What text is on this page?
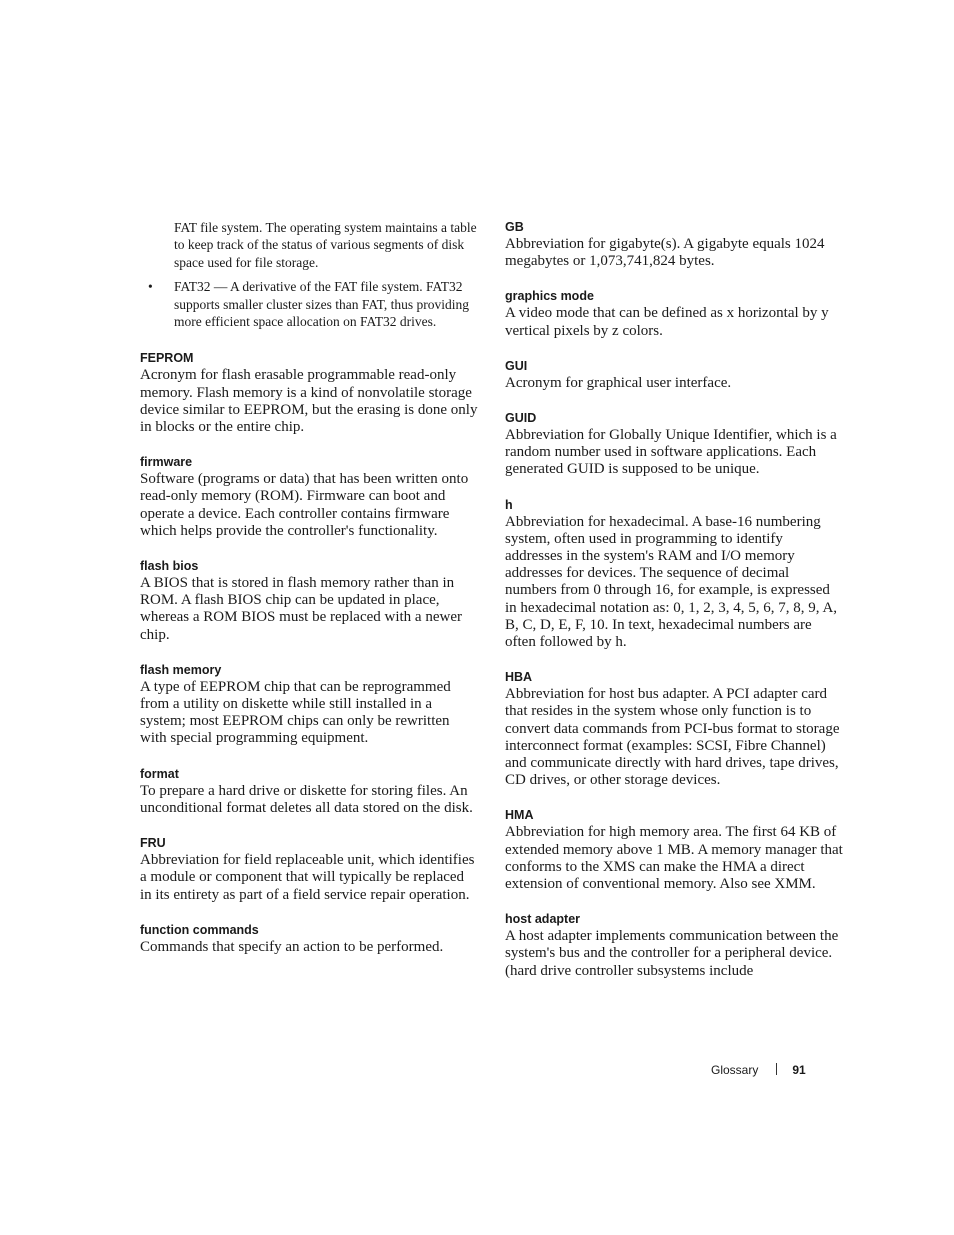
FAT file system. The operating system maintains a table to keep track of the status of various segments of disk space used for file storage.
• FAT32 — A derivative of the FAT file system. FAT32 supports smaller cluster sizes than FAT, thus providing more efficient space allocation on FAT32 drives.
FEPROM

Acronym for flash erasable programmable read-only memory. Flash memory is a kind of nonvolatile storage device similar to EEPROM, but the erasing is done only in blocks or the entire chip.

firmware

Software (programs or data) that has been written onto read-only memory (ROM). Firmware can boot and operate a device. Each controller contains firmware which helps provide the controller's functionality.

flash bios

A BIOS that is stored in flash memory rather than in ROM. A flash BIOS chip can be updated in place, whereas a ROM BIOS must be replaced with a newer chip.

flash memory

A type of EEPROM chip that can be reprogrammed from a utility on diskette while still installed in a system; most EEPROM chips can only be rewritten with special programming equipment.

format

To prepare a hard drive or diskette for storing files. An unconditional format deletes all data stored on the disk.

FRU

Abbreviation for field replaceable unit, which identifies a module or component that will typically be replaced in its entirety as part of a field service repair operation.

function commands

Commands that specify an action to be performed.

GB

Abbreviation for gigabyte(s). A gigabyte equals 1024 megabytes or 1,073,741,824 bytes.

graphics mode

A video mode that can be defined as x horizontal by y vertical pixels by z colors.

GUI

Acronym for graphical user interface.

GUID

Abbreviation for Globally Unique Identifier, which is a random number used in software applications. Each generated GUID is supposed to be unique.

h

Abbreviation for hexadecimal. A base-16 numbering system, often used in programming to identify addresses in the system's RAM and I/O memory addresses for devices. The sequence of decimal numbers from 0 through 16, for example, is expressed in hexadecimal notation as: 0, 1, 2, 3, 4, 5, 6, 7, 8, 9, A, B, C, D, E, F, 10. In text, hexadecimal numbers are often followed by h.

HBA

Abbreviation for host bus adapter. A PCI adapter card that resides in the system whose only function is to convert data commands from PCI-bus format to storage interconnect format (examples: SCSI, Fibre Channel) and communicate directly with hard drives, tape drives, CD drives, or other storage devices.

HMA

Abbreviation for high memory area. The first 64 KB of extended memory above 1 MB. A memory manager that conforms to the XMS can make the HMA a direct extension of conventional memory. Also see XMM.

host adapter

A host adapter implements communication between the system's bus and the controller for a peripheral device. (hard drive controller subsystems include

Glossary	91
